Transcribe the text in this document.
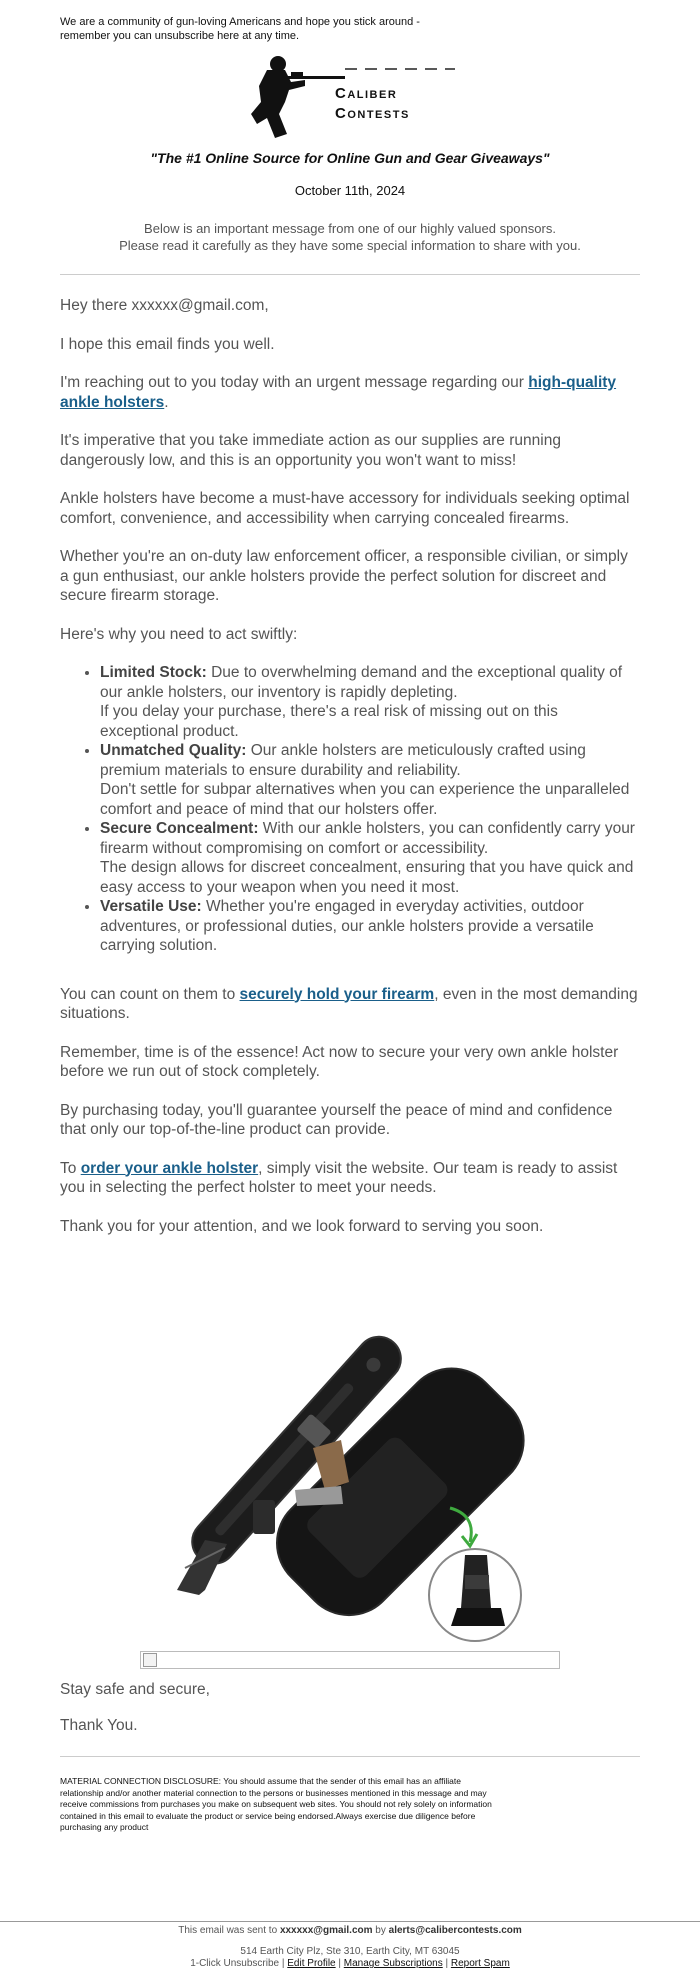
We are a community of gun-loving Americans and hope you stick around - remember you can unsubscribe here at any time.
Caliber
Contests
"The #1 Online Source for Online Gun and Gear Giveaways"
October 11th, 2024
Below is an important message from one of our highly valued sponsors.
Please read it carefully as they have some special information to share with you.

Hey there xxxxxx@gmail.com,

I hope this email finds you well.

I'm reaching out to you today with an urgent message regarding our high-quality ankle holsters.

It's imperative that you take immediate action as our supplies are running dangerously low, and this is an opportunity you won't want to miss!

Ankle holsters have become a must-have accessory for individuals seeking optimal comfort, convenience, and accessibility when carrying concealed firearms.

Whether you're an on-duty law enforcement officer, a responsible civilian, or simply a gun enthusiast, our ankle holsters provide the perfect solution for discreet and secure firearm storage.

Here's why you need to act swiftly:

• Limited Stock: Due to overwhelming demand and the exceptional quality of our ankle holsters, our inventory is rapidly depleting.
If you delay your purchase, there's a real risk of missing out on this exceptional product.
• Unmatched Quality: Our ankle holsters are meticulously crafted using premium materials to ensure durability and reliability.
Don't settle for subpar alternatives when you can experience the unparalleled comfort and peace of mind that our holsters offer.
• Secure Concealment: With our ankle holsters, you can confidently carry your firearm without compromising on comfort or accessibility.
The design allows for discreet concealment, ensuring that you have quick and easy access to your weapon when you need it most.
• Versatile Use: Whether you're engaged in everyday activities, outdoor adventures, or professional duties, our ankle holsters provide a versatile carrying solution.

You can count on them to securely hold your firearm, even in the most demanding situations.

Remember, time is of the essence! Act now to secure your very own ankle holster before we run out of stock completely.

By purchasing today, you'll guarantee yourself the peace of mind and confidence that only our top-of-the-line product can provide.

To order your ankle holster, simply visit the website. Our team is ready to assist you in selecting the perfect holster to meet your needs.

Thank you for your attention, and we look forward to serving you soon.

Stay safe and secure,
Thank You.
MATERIAL CONNECTION DISCLOSURE: You should assume that the sender of this email has an affiliate relationship and/or another material connection to the persons or businesses mentioned in this message and may receive commissions from purchases you make on subsequent web sites. You should not rely solely on information contained in this email to evaluate the product or service being endorsed.Always exercise due diligence before purchasing any product
This email was sent to xxxxxx@gmail.com by alerts@calibercontests.com
514 Earth City Plz, Ste 310, Earth City, MT 63045
1-Click Unsubscribe | Edit Profile | Manage Subscriptions | Report Spam
